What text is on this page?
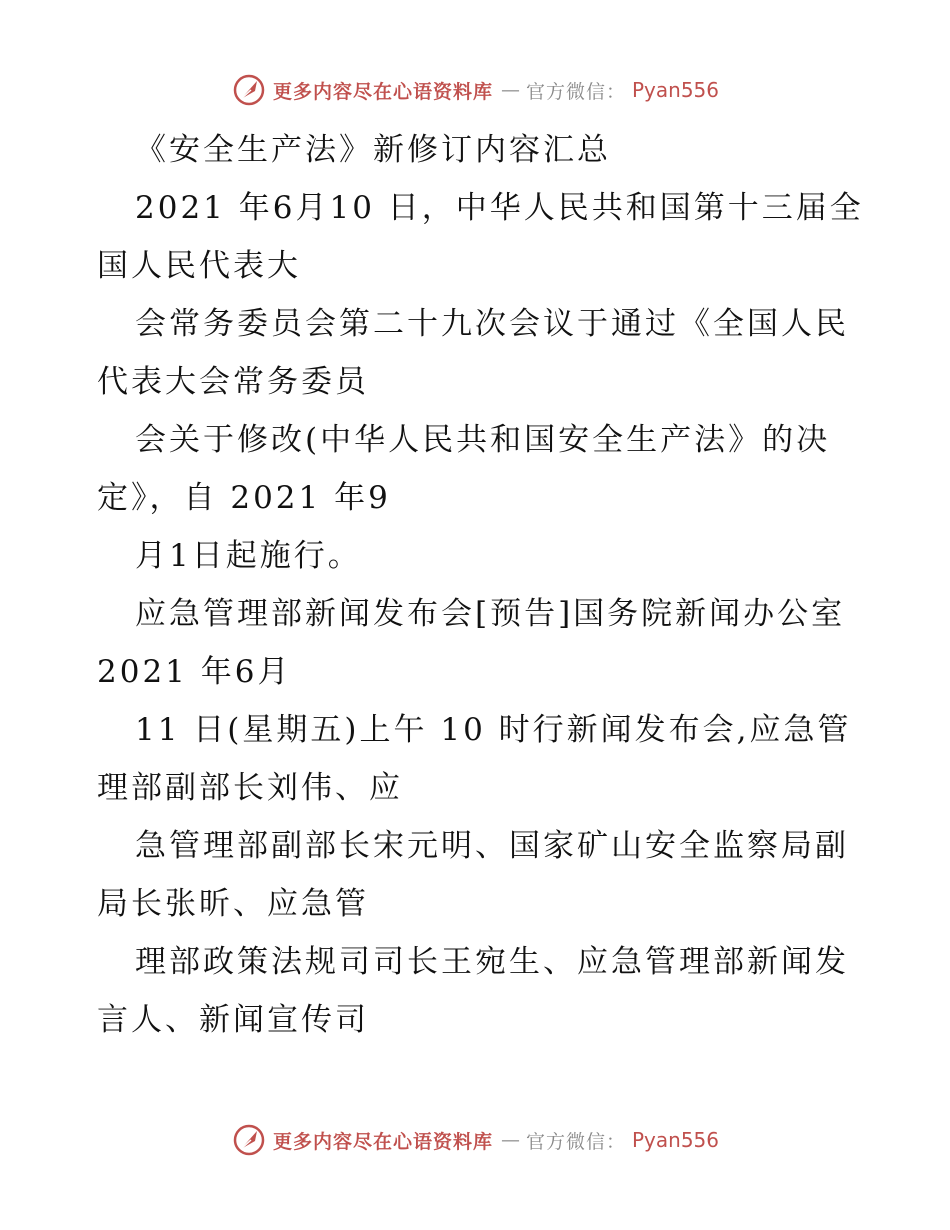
更多内容尽在心语资料库 — 官方微信： Pyan556

《安全生产法》新修订内容汇总

2021 年6月10 日，中华人民共和国第十三届全

国人民代表大

会常务委员会第二十九次会议于通过《全国人民

代表大会常务委员

会关于修改(中华人民共和国安全生产法》的决

定》，自 2021 年9

月1日起施行。

应急管理部新闻发布会[预告]国务院新闻办公室

2021 年6月

11 日(星期五)上午 10 时行新闻发布会,应急管

理部副部长刘伟、应

急管理部副部长宋元明、国家矿山安全监察局副

局长张昕、应急管

理部政策法规司司长王宛生、应急管理部新闻发

言人、新闻宣传司

更多内容尽在心语资料库 — 官方微信： Pyan556
